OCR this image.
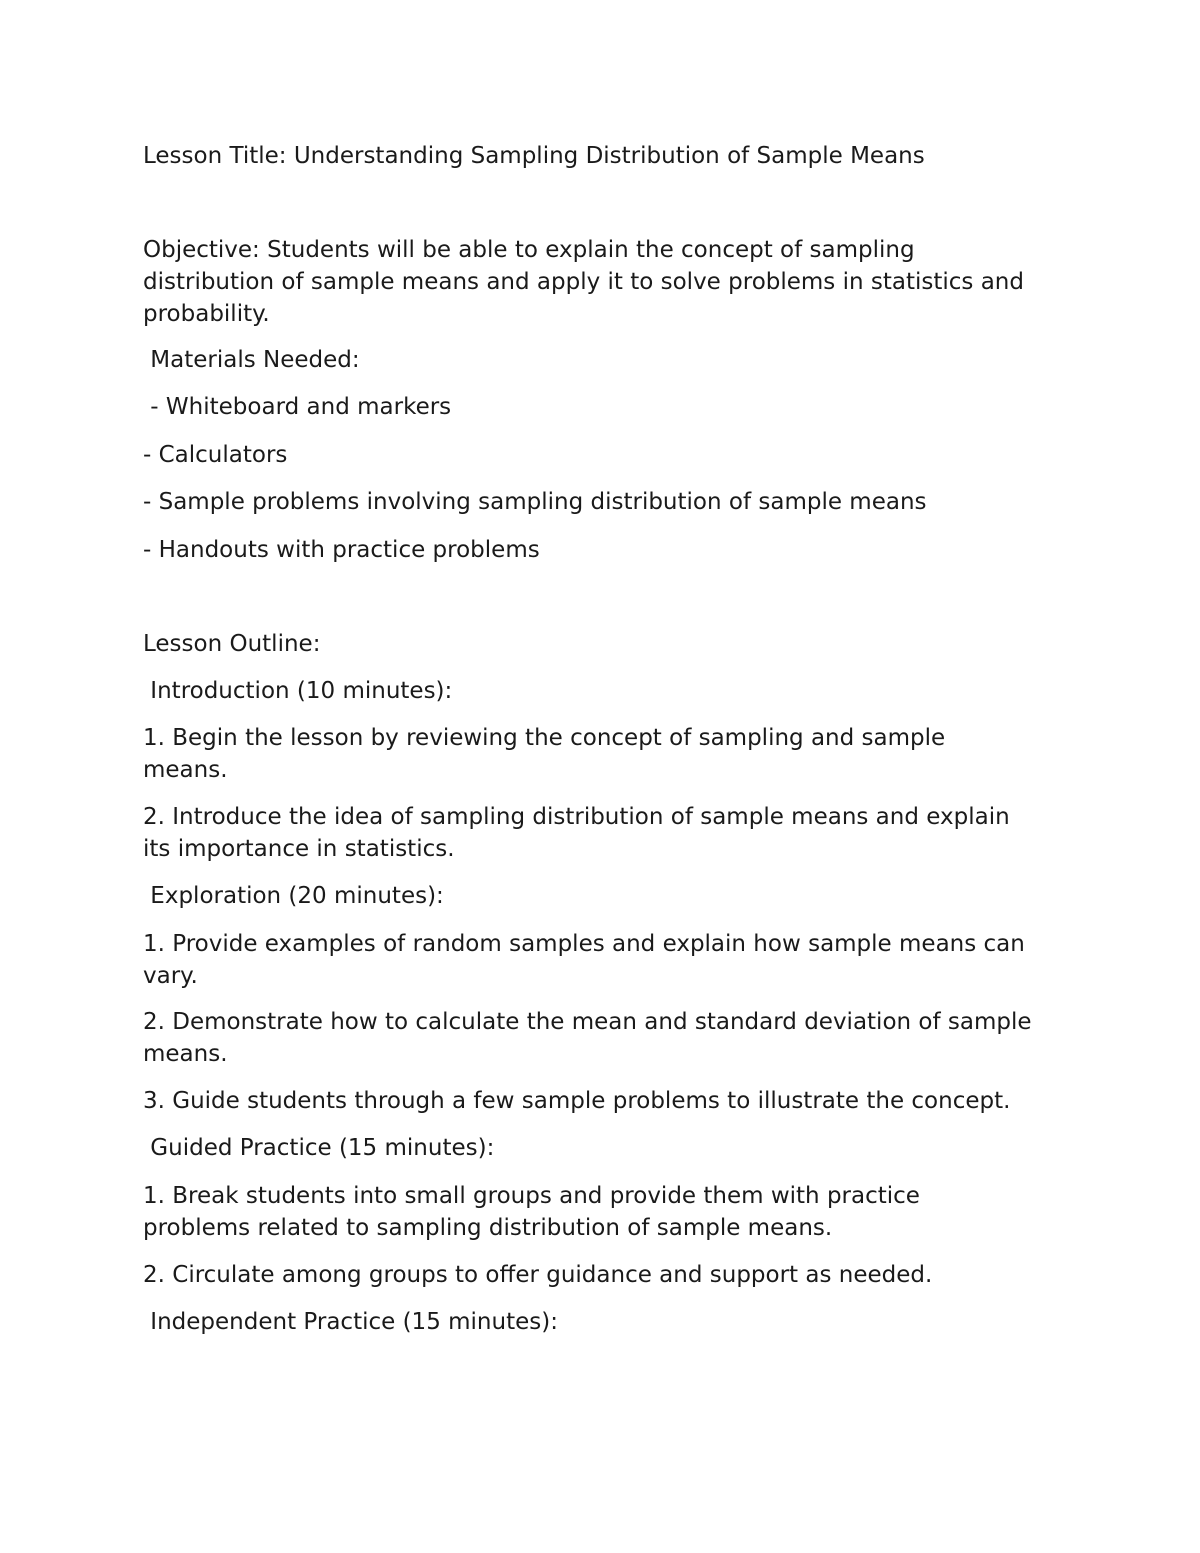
Lesson Title: Understanding Sampling Distribution of Sample Means

Objective: Students will be able to explain the concept of sampling distribution of sample means and apply it to solve problems in statistics and probability.

Materials Needed:

- Whiteboard and markers

- Calculators

- Sample problems involving sampling distribution of sample means

- Handouts with practice problems

Lesson Outline:

Introduction (10 minutes):

1. Begin the lesson by reviewing the concept of sampling and sample means.

2. Introduce the idea of sampling distribution of sample means and explain its importance in statistics.

Exploration (20 minutes):

1. Provide examples of random samples and explain how sample means can vary.

2. Demonstrate how to calculate the mean and standard deviation of sample means.

3. Guide students through a few sample problems to illustrate the concept.

Guided Practice (15 minutes):

1. Break students into small groups and provide them with practice problems related to sampling distribution of sample means.

2. Circulate among groups to offer guidance and support as needed.

Independent Practice (15 minutes):
